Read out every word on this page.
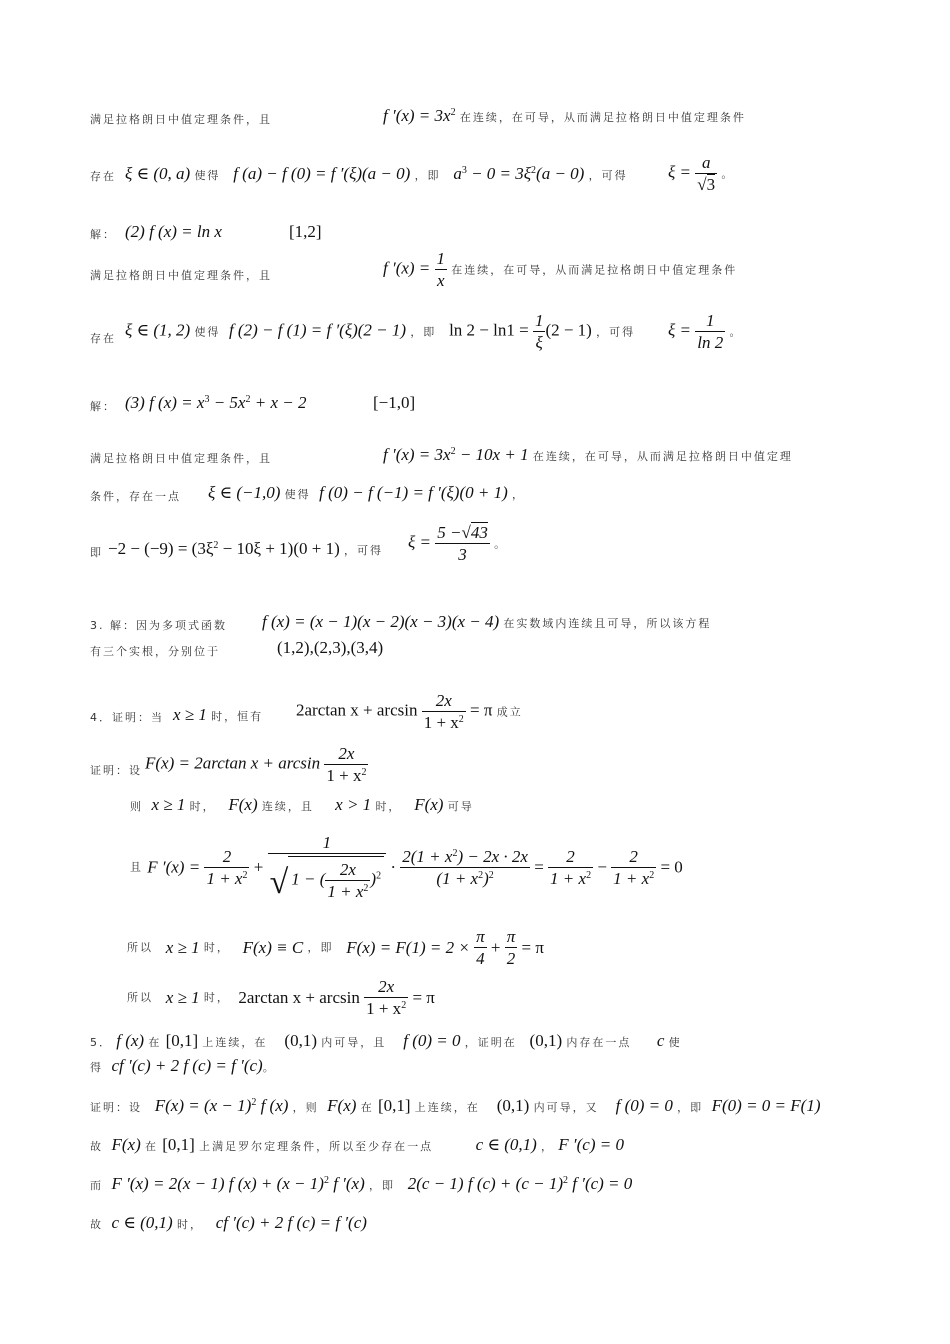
满足拉格朗日中值定理条件，且	f $'(x) = 3x^2$ 在连续，在可导，从而满足拉格朗日中值定理条件
存在 ξ ∈ (0, a) 使得 f (a) − f (0) = f ′(ξ)(a − 0) ，即 $a^3 - 0 = 3\xi^2(a - 0)$ ，可得 $\xi = \frac{a}{√3}$ 。
解： (2) f (x) = ln x	[1,2]
满足拉格朗日中值定理条件，且	f $'(x) = \frac{1}{x}$ 在连续，在可导，从而满足拉格朗日中值定理条件
存在 ξ ∈ (1, 2) 使得 f (2) − f (1) = f ′(ξ)(2 − 1) ，即 $\ln 2 - \ln 1 = \frac{1}{\xi} (2 - 1)$ ，可得 $\xi = \frac{1}{\ln 2}$ 。
解： (3) f $(x) = x^3 - 5x^2 + x - 2$	[−1,0]
满足拉格朗日中值定理条件，且	f $'(x) = 3x^2 - 10x + 1$ 在连续，在可导，从而满足拉格朗日中值定理
条件，存在一点 ξ ∈ (−1,0) 使得 f (0) − f (−1) = f ′(ξ)(0 + 1) ，
即 $-2 - (-9) = (3\xi^2 - 10\xi + 1)(0 + 1)$ ，可得 $\xi = \frac{5 -√43}{3}$ 。
3. 解：因为多项式函数 f (x) = (x − 1)(x − 2)(x − 3)(x − 4) 在实数域内连续且可导，所以该方程
有三个实根，分别位于	(1,2),(2,3),(3,4)
4．证明：当 x ≥ 1 时，恒有 2arctan $x + \arcsin \frac{2x}{1 + x^2} = \pi$ 成立
证明：设 F(x) = 2arctan $x + \arcsin \frac{2x}{1 + x^2}$
则 x ≥ 1 时， F(x) 连续，且 x > 1 时， F(x) 可导
且 F $'(x) = \frac{2}{1 + x^2} + \frac{1}{√ 1 - ( \frac{2x}{1 + x^2} )^2} \cdot \frac{2(1 + x^2) - 2x \cdot 2x}{(1 + x^2)^2} = \frac{2}{1 + x^2} - \frac{2}{1 + x^2} = 0$
所以 x ≥ 1 时， F(x) ≡ C ，即 $F(x) = F(1) = 2 \times \frac{\pi}{4} + \frac{\pi}{2} = \pi$
所以 x ≥ 1 时， 2arctan $x + \arcsin \frac{2x}{1 + x^2} = \pi$
5． f (x) 在 [0,1] 上连续，在 (0,1) 内可导，且 f (0) = 0 ，证明在 (0,1) 内存在一点 c 使
得 cf ′(c) + 2 f (c) = f ′(c)。
证明：设 $F(x) = (x - 1)^2$ f (x) ，则 F(x) 在 [0,1] 上连续，在 (0,1) 内可导，又 f (0) = 0 ，即 F(0) = 0 = F(1)
故 F(x) 在 [0,1] 上满足罗尔定理条件，所以至少存在一点	c ∈ (0,1) ， F ′(c) = 0
而 F ′(x) = 2(x − 1) f $(x) + (x - 1)^2$ f ′(x) ，即 2(c − 1) f $(c) + (c - 1)^2$ f ′(c) = 0
故 c ∈ (0,1) 时， cf ′(c) + 2 f (c) = f ′(c)
